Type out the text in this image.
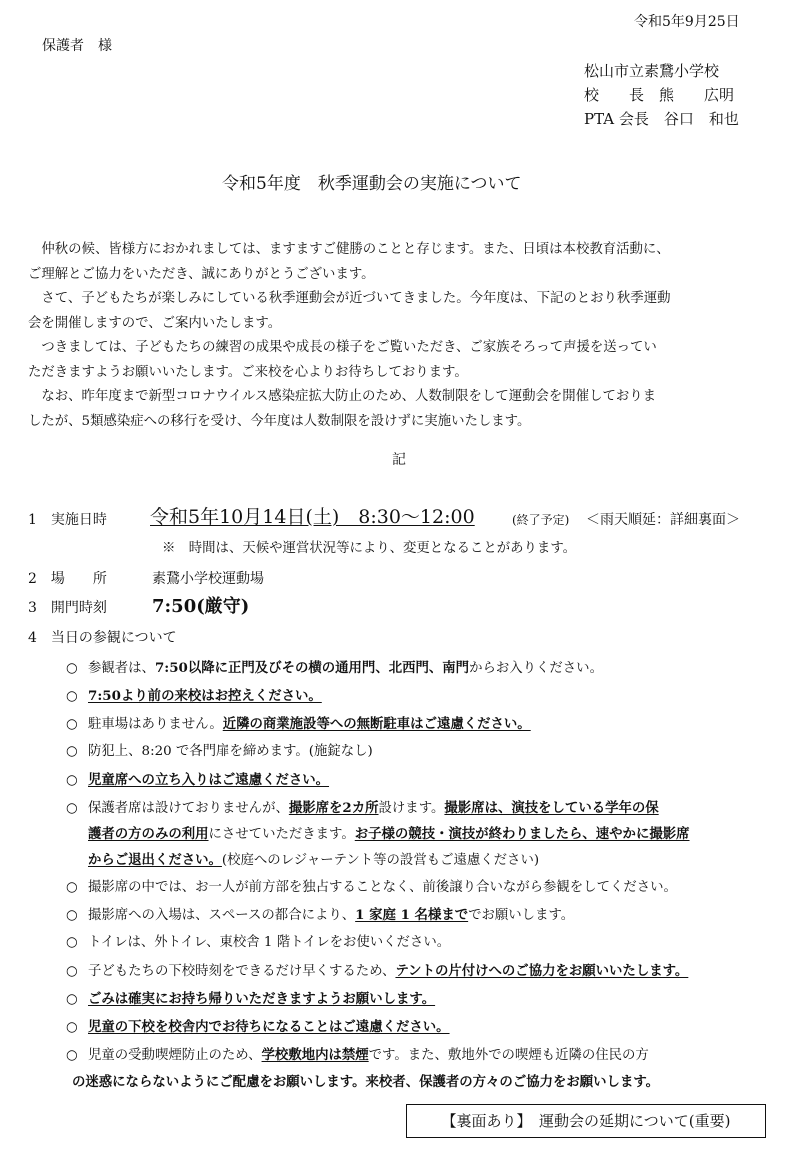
令和5年9月25日
保護者　様
松山市立素鵞小学校
校　　長　熊　　広明
PTA 会長　谷口　和也
令和5年度　秋季運動会の実施について
　仲秋の候、皆様方におかれましては、ますますご健勝のことと存じます。また、日頃は本校教育活動に、
ご理解とご協力をいただき、誠にありがとうございます。
　さて、子どもたちが楽しみにしている秋季運動会が近づいてきました。今年度は、下記のとおり秋季運動
会を開催しますので、ご案内いたします。
　つきましては、子どもたちの練習の成果や成長の様子をご覧いただき、ご家族そろって声援を送ってい
ただきますようお願いいたします。ご来校を心よりお待ちしております。
　なお、昨年度まで新型コロナウイルス感染症拡大防止のため、人数制限をして運動会を開催しておりま
したが、5類感染症への移行を受け、今年度は人数制限を設けずに実施いたします。
記
1　実施日時 令和5年10月14日(土)　8:30～12:00	(終了予定) ＜雨天順延：詳細裏面＞
※　時間は、天候や運営状況等により、変更となることがあります。
2　場　　所	素鵞小学校運動場
3　開門時刻	7:50(厳守)
4　当日の参観について
○ 参観者は、7:50以降に正門及びその横の通用門、北西門、南門からお入りください。
○ 7:50より前の来校はお控えください。
○ 駐車場はありません。近隣の商業施設等への無断駐車はご遠慮ください。
○ 防犯上、8:20 で各門扉を締めます。(施錠なし)
○ 児童席への立ち入りはご遠慮ください。
○ 保護者席は設けておりませんが、撮影席を2カ所設けます。撮影席は、演技をしている学年の保
護者の方のみの利用にさせていただきます。お子様の競技・演技が終わりましたら、速やかに撮影席
からご退出ください。(校庭へのレジャーテント等の設営もご遠慮ください)
○ 撮影席の中では、お一人が前方部を独占することなく、前後譲り合いながら参観をしてください。
○ 撮影席への入場は、スペースの都合により、1 家庭 1 名様まででお願いします。
○ トイレは、外トイレ、東校舎 1 階トイレをお使いください。
○ 子どもたちの下校時刻をできるだけ早くするため、テントの片付けへのご協力をお願いいたします。
○ ごみは確実にお持ち帰りいただきますようお願いします。
○ 児童の下校を校舎内でお待ちになることはご遠慮ください。
○ 児童の受動喫煙防止のため、学校敷地内は禁煙です。また、敷地外での喫煙も近隣の住民の方
の迷惑にならないようにご配慮をお願いします。来校者、保護者の方々のご協力をお願いします。
【裏面あり】　運動会の延期について(重要)
